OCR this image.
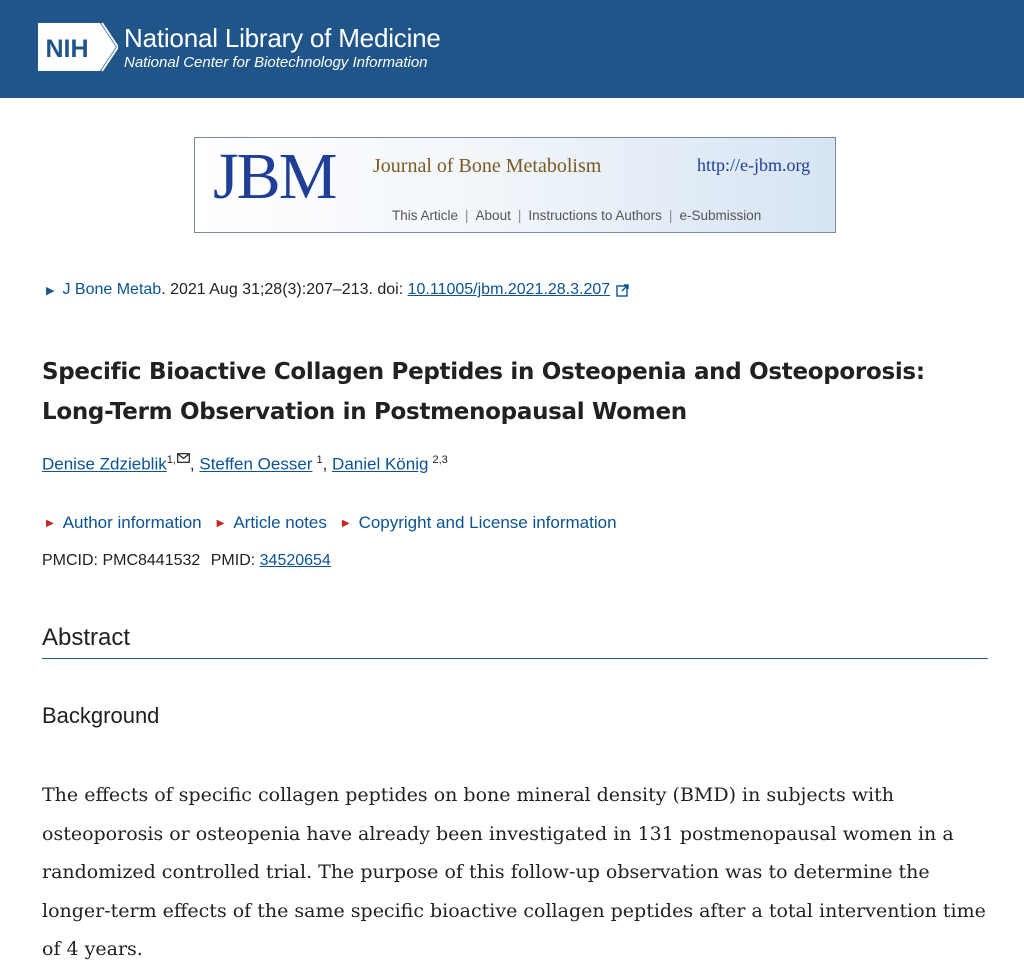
NIH National Library of Medicine
National Center for Biotechnology Information
JBM Journal of Bone Metabolism	http://e-jbm.org
This Article | About | Instructions to Authors | e-Submission
▶ J Bone Metab . 2021 Aug 31;28(3):207–213. doi: 10.11005/jbm.2021.28.3.207
Specific Bioactive Collagen Peptides in Osteopenia and Osteoporosis: Long-Term Observation in Postmenopausal Women
Denise Zdzieblik$^{1,}$ , Steffen Oesser $^1$, Daniel König $^{2,3}$
▶ Author information ▶ Article notes ▶ Copyright and License information
PMCID: PMC8441532 PMID: 34520654
Abstract
Background

The effects of specific collagen peptides on bone mineral density (BMD) in subjects with osteoporosis or osteopenia have already been investigated in 131 postmenopausal women in a randomized controlled trial. The purpose of this follow-up observation was to determine the longer-term effects of the same specific bioactive collagen peptides after a total intervention time of 4 years.
